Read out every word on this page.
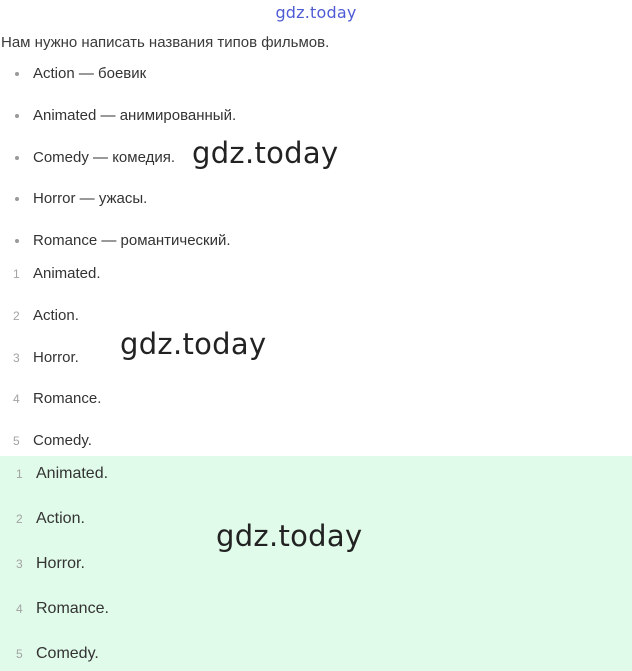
gdz.today
Нам нужно написать названия типов фильмов.
Action — боевик
Animated — анимированный.
Comedy — комедия.
Horror — ужасы.
Romance — романтический.
1 Animated.
2 Action.
3 Horror.
4 Romance.
5 Comedy.
1 Animated.
2 Action.
3 Horror.
4 Romance.
5 Comedy.
gdz.today
gdz.today
gdz.today
